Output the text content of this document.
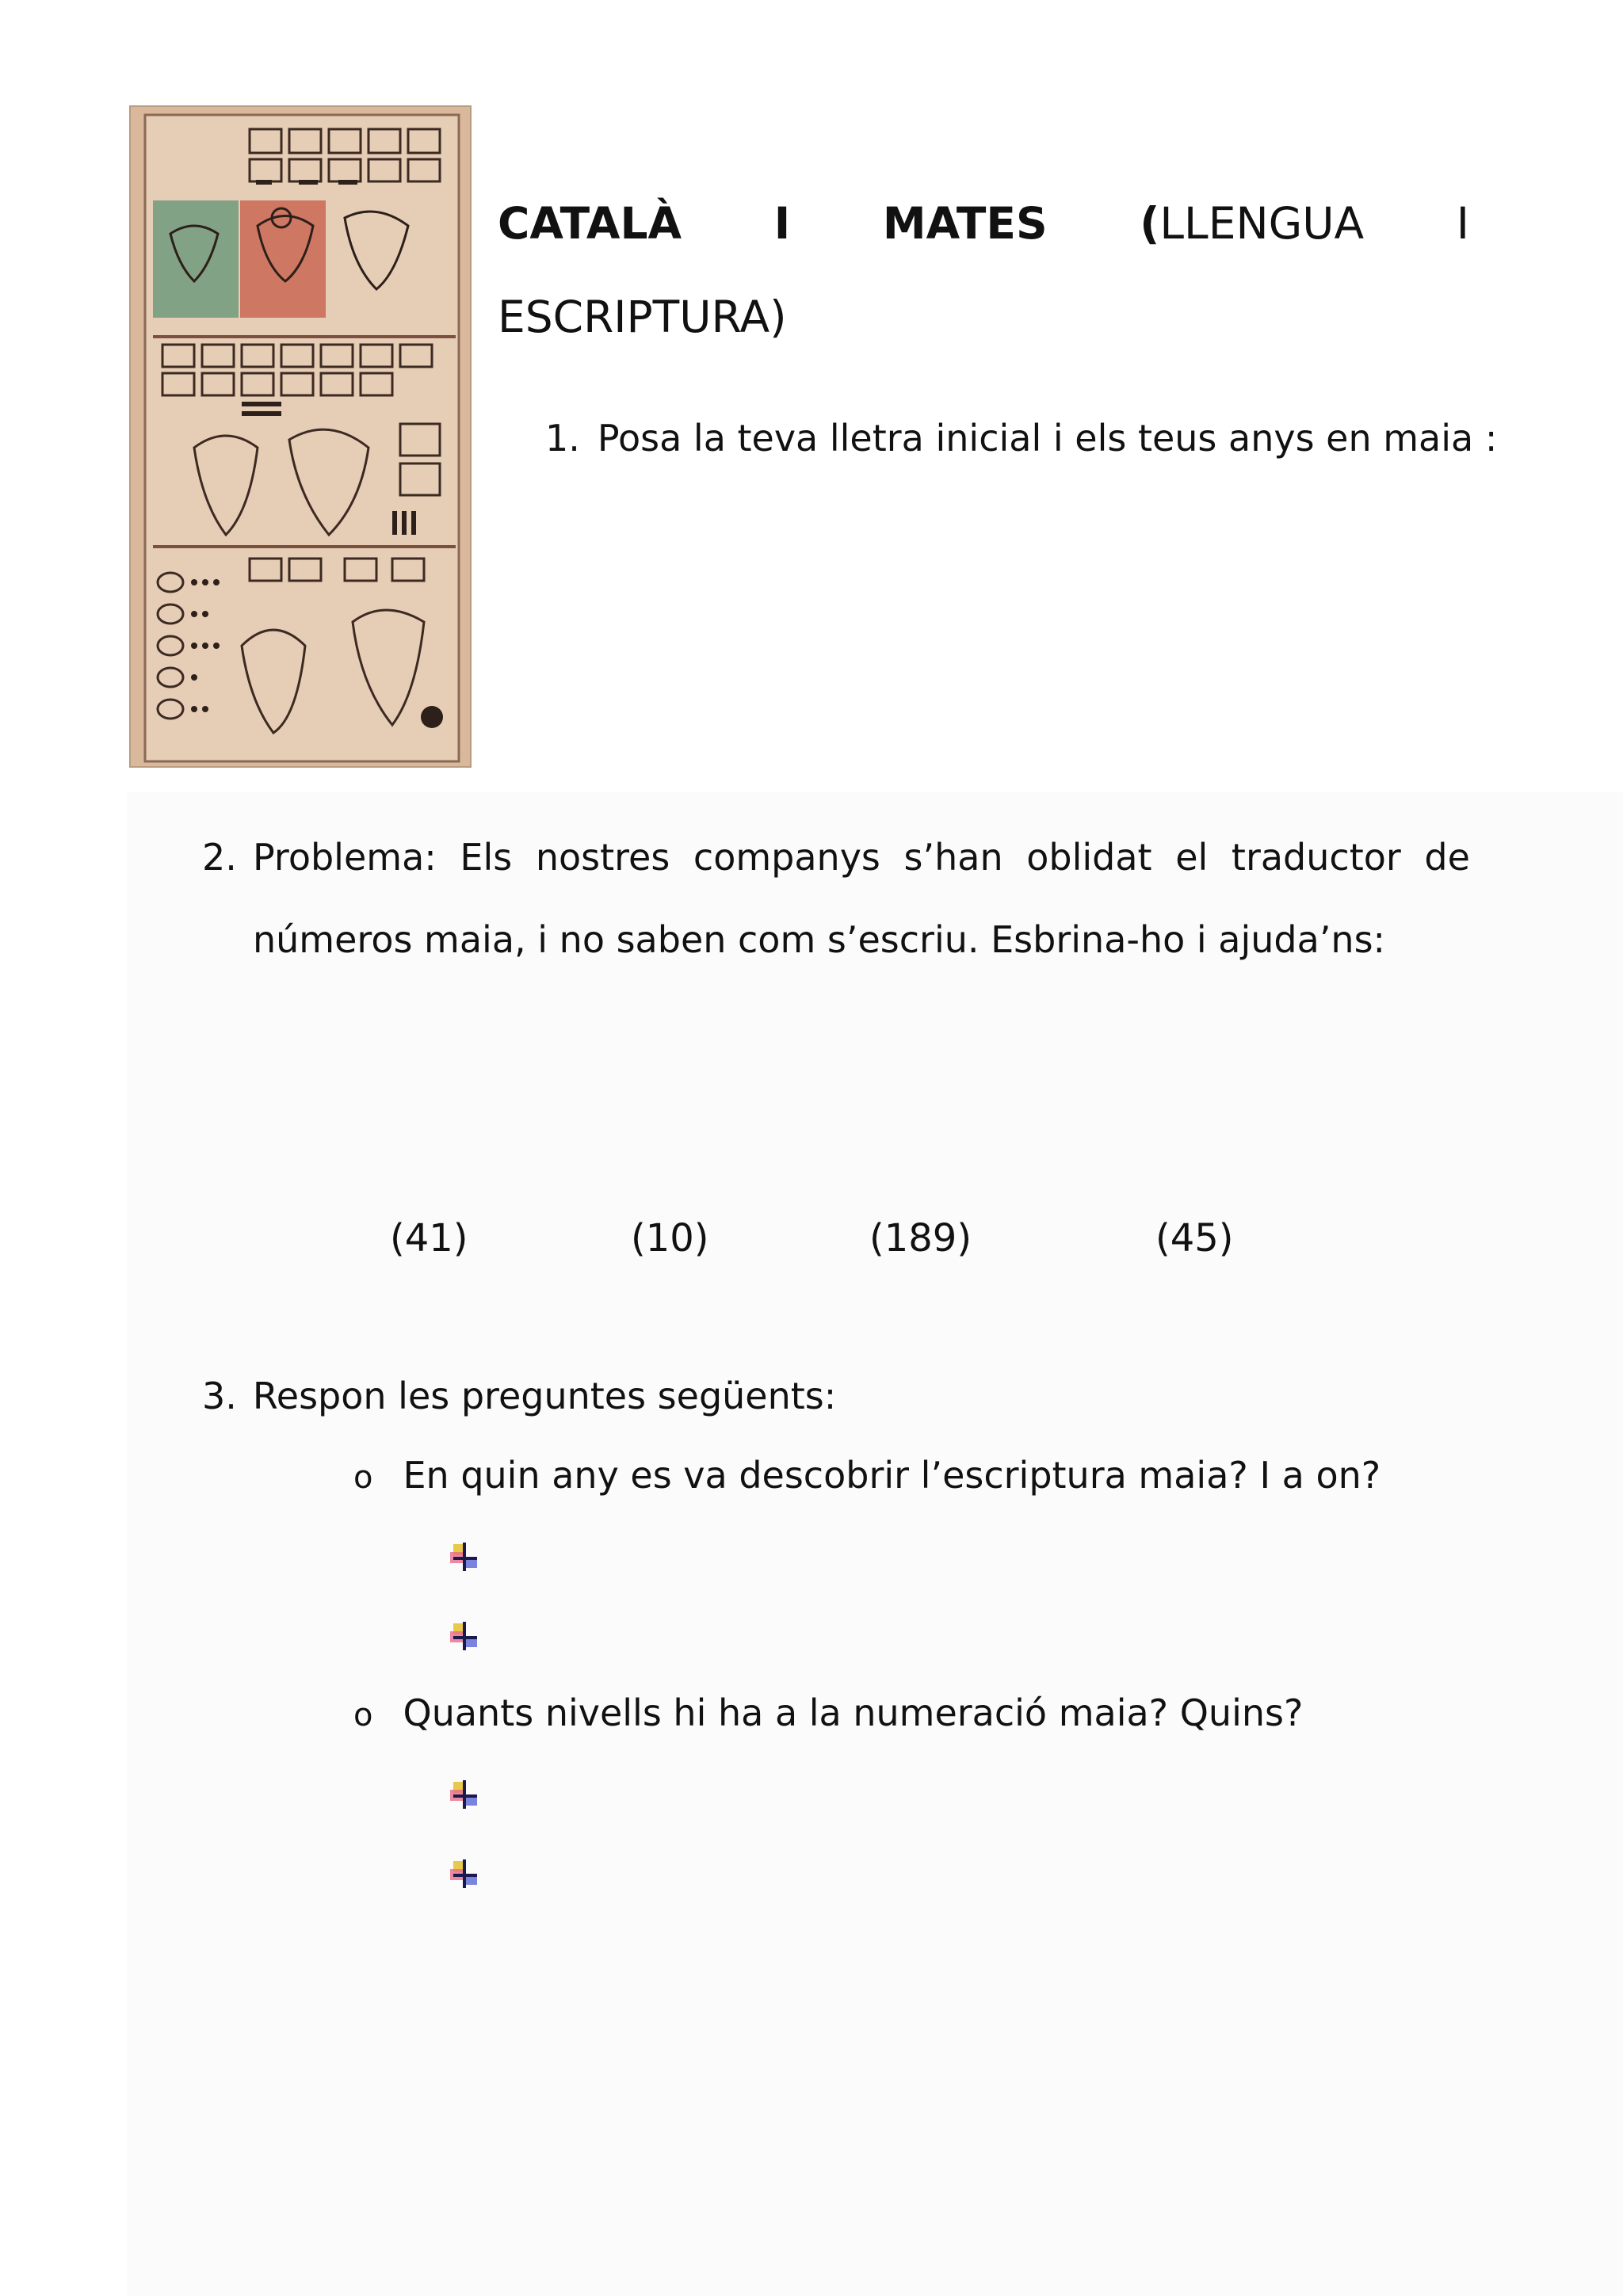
CATALÀ I MATES (LLENGUA I
ESCRIPTURA)
1. Posa la teva lletra inicial i els teus anys en maia :
2. Problema: Els nostres companys s’han oblidat el traductor de
números maia, i no saben com s’escriu. Esbrina-ho i ajuda’ns:
(41)	(10)	(189)	(45)
3. Respon les preguntes següents:
o En quin any es va descobrir l’escriptura maia? I a on?
o Quants nivells hi ha a la numeració maia? Quins?
